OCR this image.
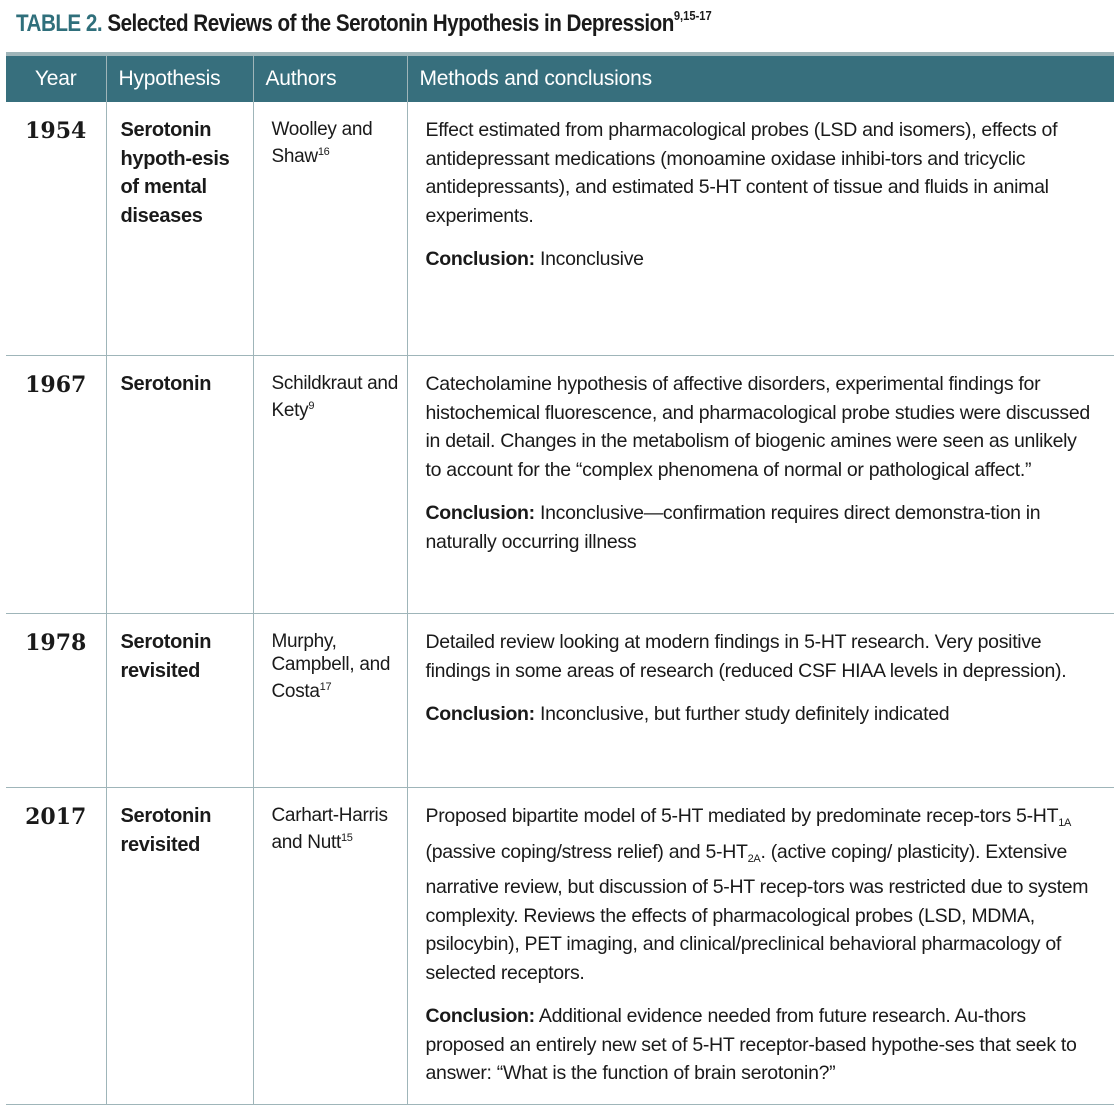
TABLE 2. Selected Reviews of the Serotonin Hypothesis in Depression$^{9,15-17}$
Year	Hypothesis	Authors	Methods and conclusions
1954	Serotonin hypoth-esis of mental diseases	Woolley and Shaw$^{16}$	Effect estimated from pharmacological probes (LSD and isomers), effects of antidepressant medications (monoamine oxidase inhibi-tors and tricyclic antidepressants), and estimated 5-HT content of tissue and fluids in animal experiments.

Conclusion: Inconclusive

1967	Serotonin	Schildkraut and Kety$^9$	Catecholamine hypothesis of affective disorders, experimental findings for histochemical fluorescence, and pharmacological probe studies were discussed in detail. Changes in the metabolism of biogenic amines were seen as unlikely to account for the “complex phenomena of normal or pathological affect.”

Conclusion: Inconclusive—confirmation requires direct demonstra-tion in naturally occurring illness

1978	Serotonin revisited	Murphy, Campbell, and Costa$^{17}$	Detailed review looking at modern findings in 5-HT research. Very positive findings in some areas of research (reduced CSF HIAA levels in depression).

Conclusion: Inconclusive, but further study definitely indicated

2017	Serotonin revisited	Carhart-Harris and Nutt$^{15}$	Proposed bipartite model of 5-HT mediated by predominate recep-tors $5-HT_{1A}$ (passive coping/stress relief) and $5-HT_{2A}$. (active coping/ plasticity). Extensive narrative review, but discussion of 5-HT recep-tors was restricted due to system complexity. Reviews the effects of pharmacological probes (LSD, MDMA, psilocybin), PET imaging, and clinical/preclinical behavioral pharmacology of selected receptors.

Conclusion: Additional evidence needed from future research. Au-thors proposed an entirely new set of 5-HT receptor-based hypothe-ses that seek to answer: “What is the function of brain serotonin?”
